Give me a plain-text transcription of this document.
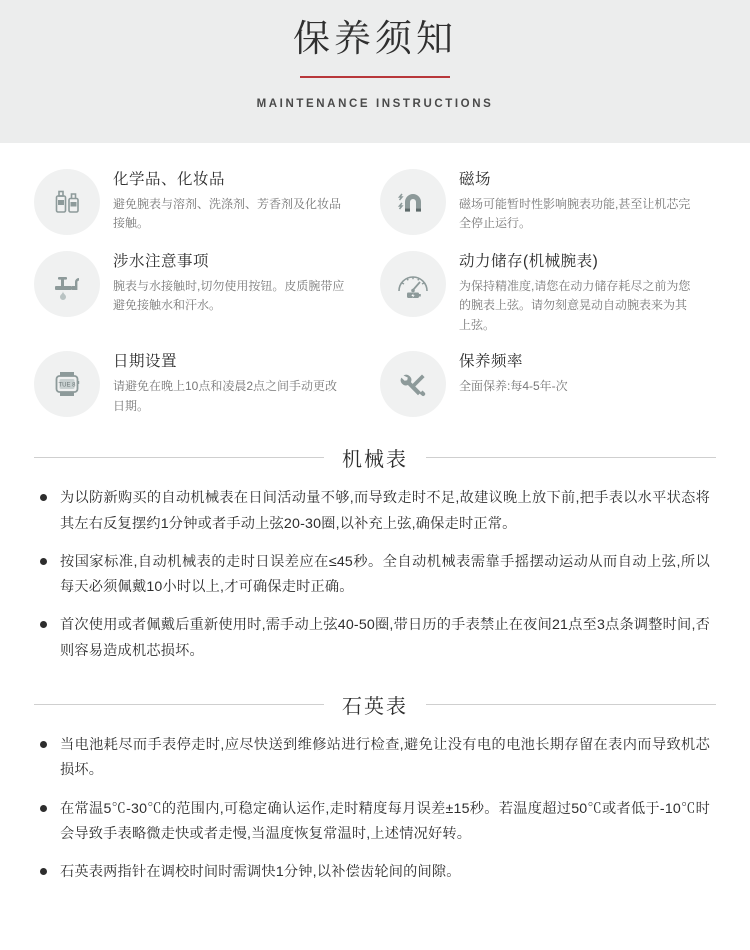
保养须知
MAINTENANCE INSTRUCTIONS
化学品、化妆品
避免腕表与溶剂、洗涤剂、芳香剂及化妆品接触。
磁场
磁场可能暂时性影响腕表功能,甚至让机芯完全停止运行。
涉水注意事项
腕表与水接触时,切勿使用按钮。皮质腕带应避免接触水和汗水。
动力储存(机械腕表)
为保持精准度,请您在动力储存耗尽之前为您的腕表上弦。请勿刻意晃动自动腕表来为其上弦。
TUE 8
日期设置
请避免在晚上10点和凌晨2点之间手动更改日期。
保养频率
全面保养:每4-5年-次
机械表
为以防新购买的自动机械表在日间活动量不够,而导致走时不足,故建议晚上放下前,把手表以水平状态将其左右反复摆约1分钟或者手动上弦20-30圈,以补充上弦,确保走时正常。
按国家标准,自动机械表的走时日误差应在≤45秒。全自动机械表需靠手摇摆动运动从而自动上弦,所以每天必须佩戴10小时以上,才可确保走时正确。
首次使用或者佩戴后重新使用时,需手动上弦40-50圈,带日历的手表禁止在夜间21点至3点条调整时间,否则容易造成机芯损坏。
石英表
当电池耗尽而手表停走时,应尽快送到维修站进行检查,避免让没有电的电池长期存留在表内而导致机芯损坏。
在常温5℃-30℃的范围内,可稳定确认运作,走时精度每月误差±15秒。若温度超过50℃或者低于-10℃时会导致手表略微走快或者走慢,当温度恢复常温时,上述情况好转。
石英表两指针在调校时间时需调快1分钟,以补偿齿轮间的间隙。
